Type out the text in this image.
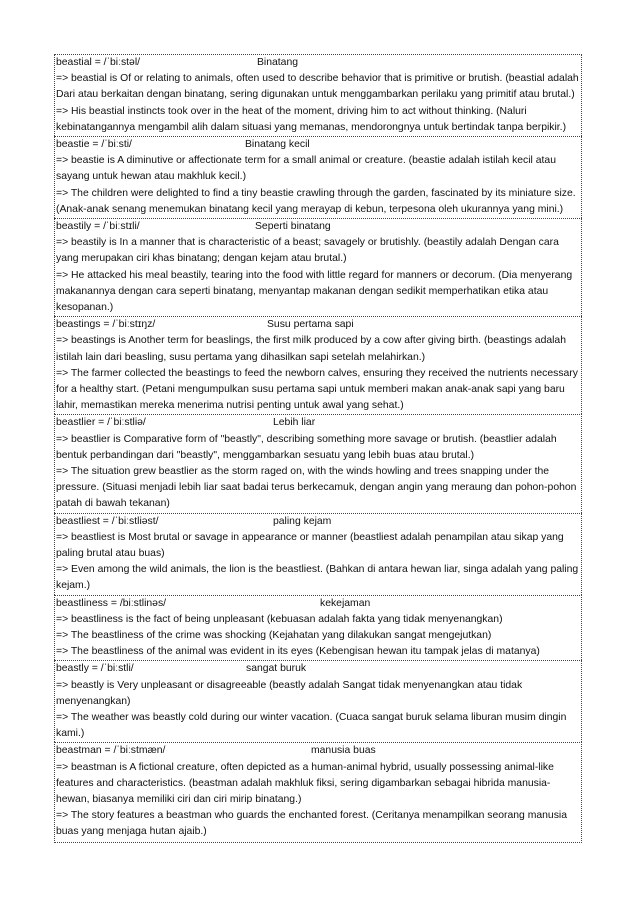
beastial = /ˈbiːstəl/	Binatang
=> beastial is Of or relating to animals, often used to describe behavior that is primitive or brutish. (beastial adalah Dari atau berkaitan dengan binatang, sering digunakan untuk menggambarkan perilaku yang primitif atau brutal.)
=> His beastial instincts took over in the heat of the moment, driving him to act without thinking. (Naluri kebinatangannya mengambil alih dalam situasi yang memanas, mendorongnya untuk bertindak tanpa berpikir.)
beastie = /ˈbiːsti/	Binatang kecil
=> beastie is A diminutive or affectionate term for a small animal or creature. (beastie adalah istilah kecil atau sayang untuk hewan atau makhluk kecil.)
=> The children were delighted to find a tiny beastie crawling through the garden, fascinated by its miniature size. (Anak-anak senang menemukan binatang kecil yang merayap di kebun, terpesona oleh ukurannya yang mini.)
beastily = /ˈbiːstɪli/	Seperti binatang
=> beastily is In a manner that is characteristic of a beast; savagely or brutishly. (beastily adalah Dengan cara yang merupakan ciri khas binatang; dengan kejam atau brutal.)
=> He attacked his meal beastily, tearing into the food with little regard for manners or decorum. (Dia menyerang makanannya dengan cara seperti binatang, menyantap makanan dengan sedikit memperhatikan etika atau kesopanan.)
beastings = /ˈbiːstɪŋz/	Susu pertama sapi
=> beastings is Another term for beaslings, the first milk produced by a cow after giving birth. (beastings adalah istilah lain dari beasling, susu pertama yang dihasilkan sapi setelah melahirkan.)
=> The farmer collected the beastings to feed the newborn calves, ensuring they received the nutrients necessary for a healthy start. (Petani mengumpulkan susu pertama sapi untuk memberi makan anak-anak sapi yang baru lahir, memastikan mereka menerima nutrisi penting untuk awal yang sehat.)
beastlier = /ˈbiːstliə/	Lebih liar
=> beastlier is Comparative form of "beastly", describing something more savage or brutish. (beastlier adalah bentuk perbandingan dari "beastly", menggambarkan sesuatu yang lebih buas atau brutal.)
=> The situation grew beastlier as the storm raged on, with the winds howling and trees snapping under the pressure. (Situasi menjadi lebih liar saat badai terus berkecamuk, dengan angin yang meraung dan pohon-pohon patah di bawah tekanan)
beastliest = /ˈbiːstliəst/	paling kejam
=> beastliest is Most brutal or savage in appearance or manner (beastliest adalah penampilan atau sikap yang paling brutal atau buas)
=> Even among the wild animals, the lion is the beastliest. (Bahkan di antara hewan liar, singa adalah yang paling kejam.)
beastliness = /biːstlinəs/	kekejaman
=> beastliness is the fact of being unpleasant (kebuasan adalah fakta yang tidak menyenangkan)
=> The beastliness of the crime was shocking (Kejahatan yang dilakukan sangat mengejutkan)
=> The beastliness of the animal was evident in its eyes (Kebengisan hewan itu tampak jelas di matanya)
beastly = /ˈbiːstli/	sangat buruk
=> beastly is Very unpleasant or disagreeable (beastly adalah Sangat tidak menyenangkan atau tidak menyenangkan)
=> The weather was beastly cold during our winter vacation. (Cuaca sangat buruk selama liburan musim dingin kami.)
beastman = /ˈbiːstmæn/	manusia buas
=> beastman is A fictional creature, often depicted as a human-animal hybrid, usually possessing animal-like features and characteristics. (beastman adalah makhluk fiksi, sering digambarkan sebagai hibrida manusia-hewan, biasanya memiliki ciri dan ciri mirip binatang.)
=> The story features a beastman who guards the enchanted forest. (Ceritanya menampilkan seorang manusia buas yang menjaga hutan ajaib.)
